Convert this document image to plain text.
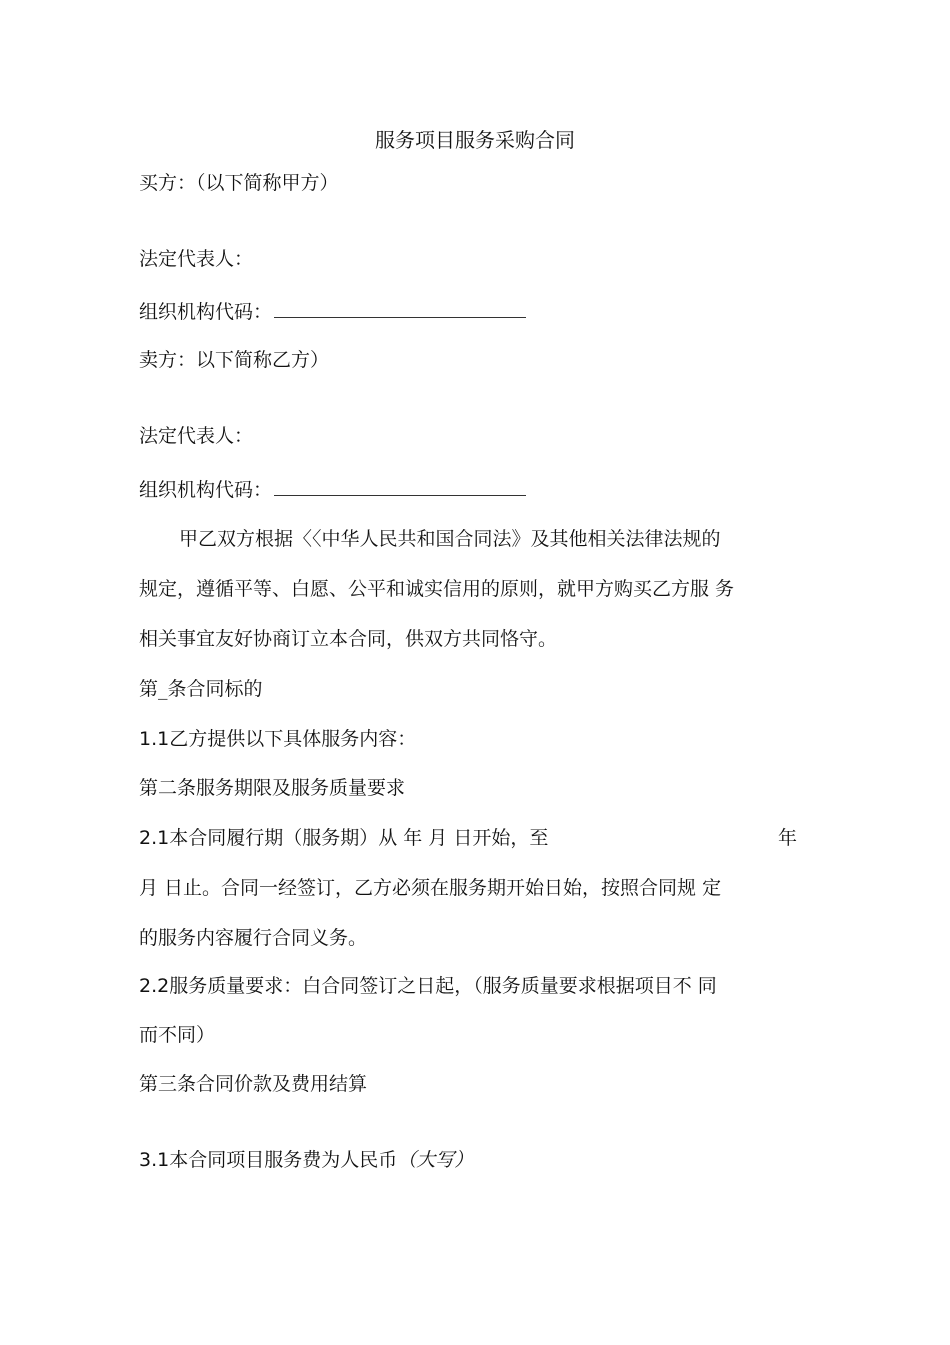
服务项目服务采购合同
买方：（以下简称甲方）
法定代表人：
组织机构代码：
卖方：以下简称乙方）
法定代表人：
组织机构代码：
甲乙双方根据〈〈中华人民共和国合同法》及其他相关法律法规的
规定，遵循平等、白愿、公平和诚实信用的原则，就甲方购买乙方服 务
相关事宜友好协商订立本合同，供双方共同恪守。
第_条合同标的
1.1乙方提供以下具体服务内容：
第二条服务期限及服务质量要求
2.1本合同履行期（服务期）从 年 月 日开始，至	年
月 日止。合同一经签订，乙方必须在服务期开始日始，按照合同规 定
的服务内容履行合同义务。
2.2服务质量要求：白合同签订之日起，（服务质量要求根据项目不 同
而不同）
第三条合同价款及费用结算
3.1本合同项目服务费为人民币（大写）
